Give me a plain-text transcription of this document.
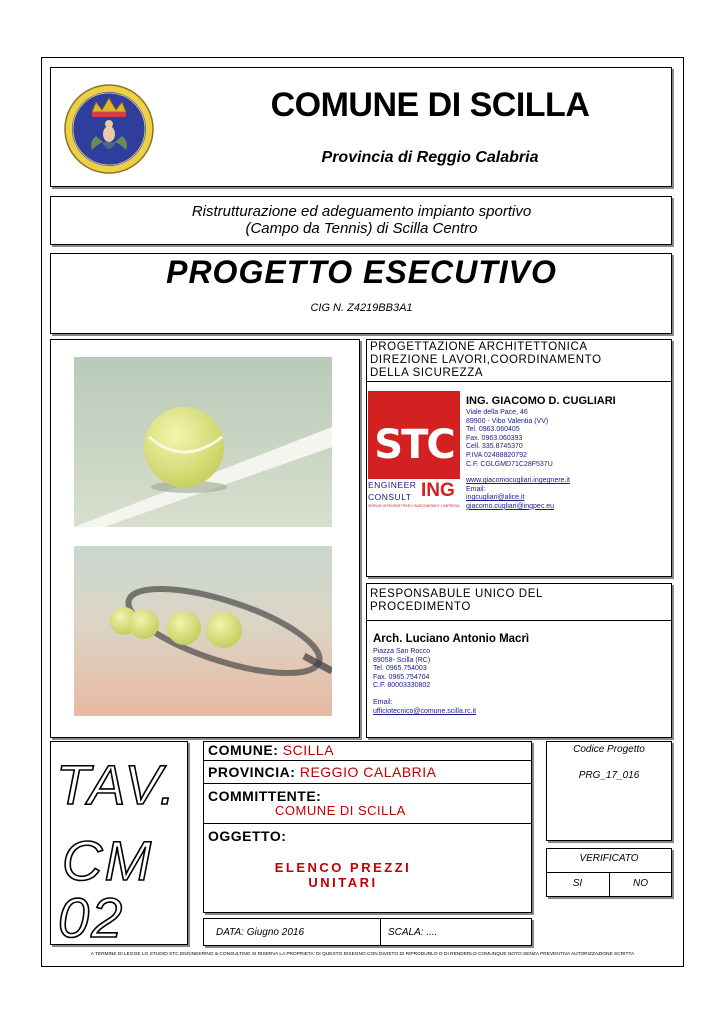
COMUNE DI SCILLA
Provincia di Reggio Calabria
Ristrutturazione ed adeguamento impianto sportivo
(Campo da Tennis) di Scilla Centro
PROGETTO ESECUTIVO
CIG N. Z4219BB3A1
PROGETTAZIONE ARCHITETTONICA
DIREZIONE LAVORI,COORDINAMENTO
DELLA SICUREZZA
STC
ENGINEER
CONSULT ING
SERVIZI INTEGRATI PER L'INGEGNERIA E L'IMPRESA
ING. GIACOMO D. CUGLIARI
Viale della Pace, 46
89900 - Vibo Valentia (VV)
Tel. 0963.060405
Fax. 0963.060393
Cell. 335.8745370
P.IVA 02488820792
C.F. CGLGMD71C28F537U
www.giacomocugliari.ingegnere.it
Email:
ingcugliari@alice.it
giacomo.cugliari@ingpec.eu
RESPONSABULE UNICO DEL
PROCEDIMENTO
Arch. Luciano Antonio Macrì
Piazza San Rocco
89058- Scilla (RC)
Tel. 0965.754003
Fax. 0965.754704
C.F. 80003330802
Email:
ufficiotecnico@comune.scilla.rc.it
TAV.
CM
02
COMUNE: SCILLA
PROVINCIA: REGGIO CALABRIA
COMMITTENTE:
COMUNE DI SCILLA
OGGETTO:
ELENCO PREZZI
UNITARI
DATA: Giugno 2016	SCALA: ....
Codice Progetto
PRG_17_016
VERIFICATO
SI	NO
A TERMINE DI LEGGE LO STUDIO STC ENGINEERING & CONSULTING SI RISERVA LA PROPRIETA' DI QUESTO DISEGNO CON DIVIETO DI RIPRODURLO O DI RENDERLO COMUNQUE NOTO SENZA PREVENTIVA AUTORIZZAZIONE SCRITTA
